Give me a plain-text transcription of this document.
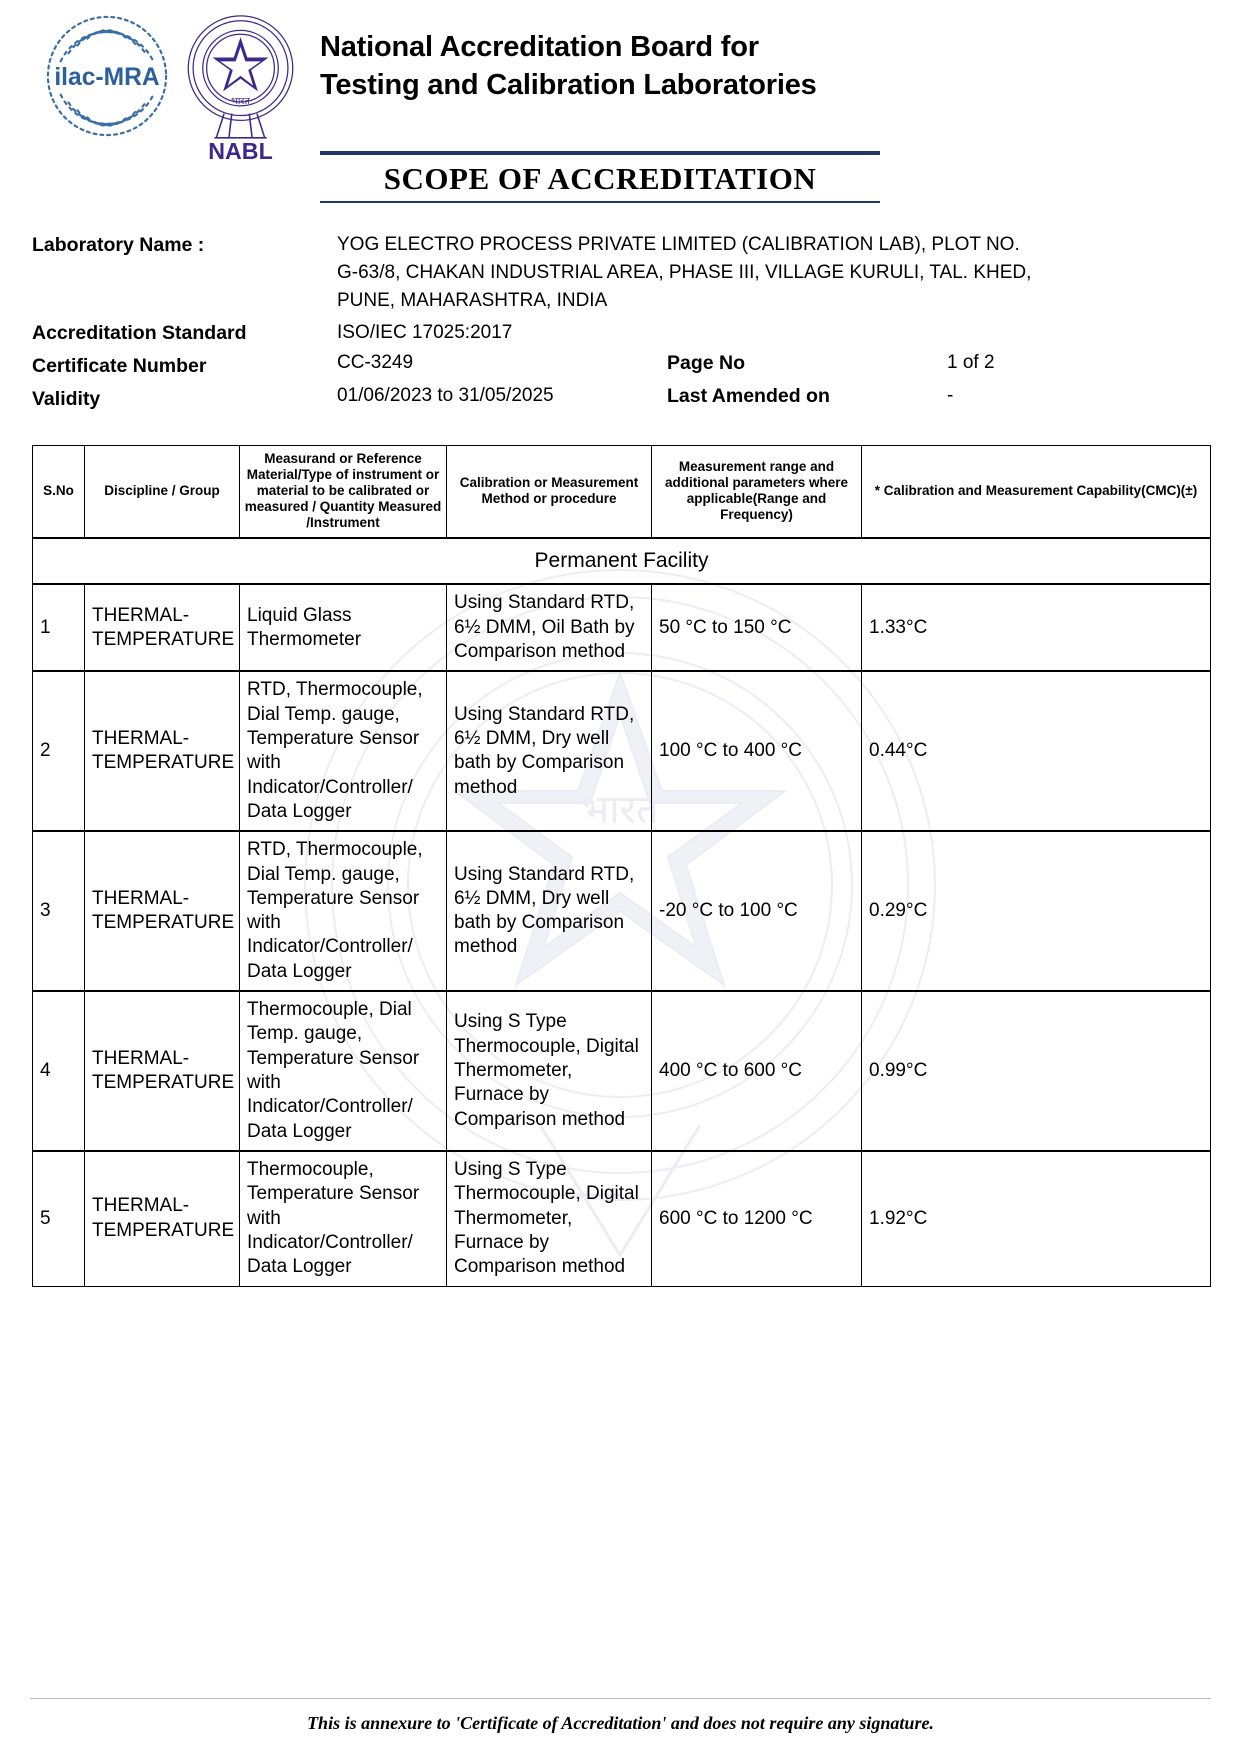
भारत
ilac-MRA
भारत
NABL
National Accreditation Board for
Testing and Calibration Laboratories
SCOPE OF ACCREDITATION
Laboratory Name :	YOG ELECTRO PROCESS PRIVATE LIMITED (CALIBRATION LAB), PLOT NO.
G-63/8, CHAKAN INDUSTRIAL AREA, PHASE III, VILLAGE KURULI, TAL. KHED,
PUNE, MAHARASHTRA, INDIA
Accreditation Standard	ISO/IEC 17025:2017
Certificate Number	CC-3249	Page No	1 of 2
Validity	01/06/2023 to 31/05/2025	Last Amended on	-
S.No	Discipline / Group	Measurand or Reference Material/Type of instrument or material to be calibrated or measured / Quantity Measured /Instrument	Calibration or Measurement Method or procedure	Measurement range and additional parameters where applicable(Range and Frequency)	* Calibration and Measurement Capability(CMC)(±)
Permanent Facility					
1	THERMAL-TEMPERATURE	Liquid Glass Thermometer	Using Standard RTD, 6½ DMM, Oil Bath by Comparison method	50 °C to 150 °C	1.33°C
2	THERMAL-TEMPERATURE	RTD, Thermocouple, Dial Temp. gauge, Temperature Sensor with Indicator/Controller/ Data Logger	Using Standard RTD, 6½ DMM, Dry well bath by Comparison method	100 °C to 400 °C	0.44°C
3	THERMAL-TEMPERATURE	RTD, Thermocouple, Dial Temp. gauge, Temperature Sensor with Indicator/Controller/ Data Logger	Using Standard RTD, 6½ DMM, Dry well bath by Comparison method	-20 °C to 100 °C	0.29°C
4	THERMAL-TEMPERATURE	Thermocouple, Dial Temp. gauge, Temperature Sensor with Indicator/Controller/ Data Logger	Using S Type Thermocouple, Digital Thermometer, Furnace by Comparison method	400 °C to 600 °C	0.99°C
5	THERMAL-TEMPERATURE	Thermocouple, Temperature Sensor with Indicator/Controller/ Data Logger	Using S Type Thermocouple, Digital Thermometer, Furnace by Comparison method	600 °C to 1200 °C	1.92°C
This is annexure to 'Certificate of Accreditation' and does not require any signature.
